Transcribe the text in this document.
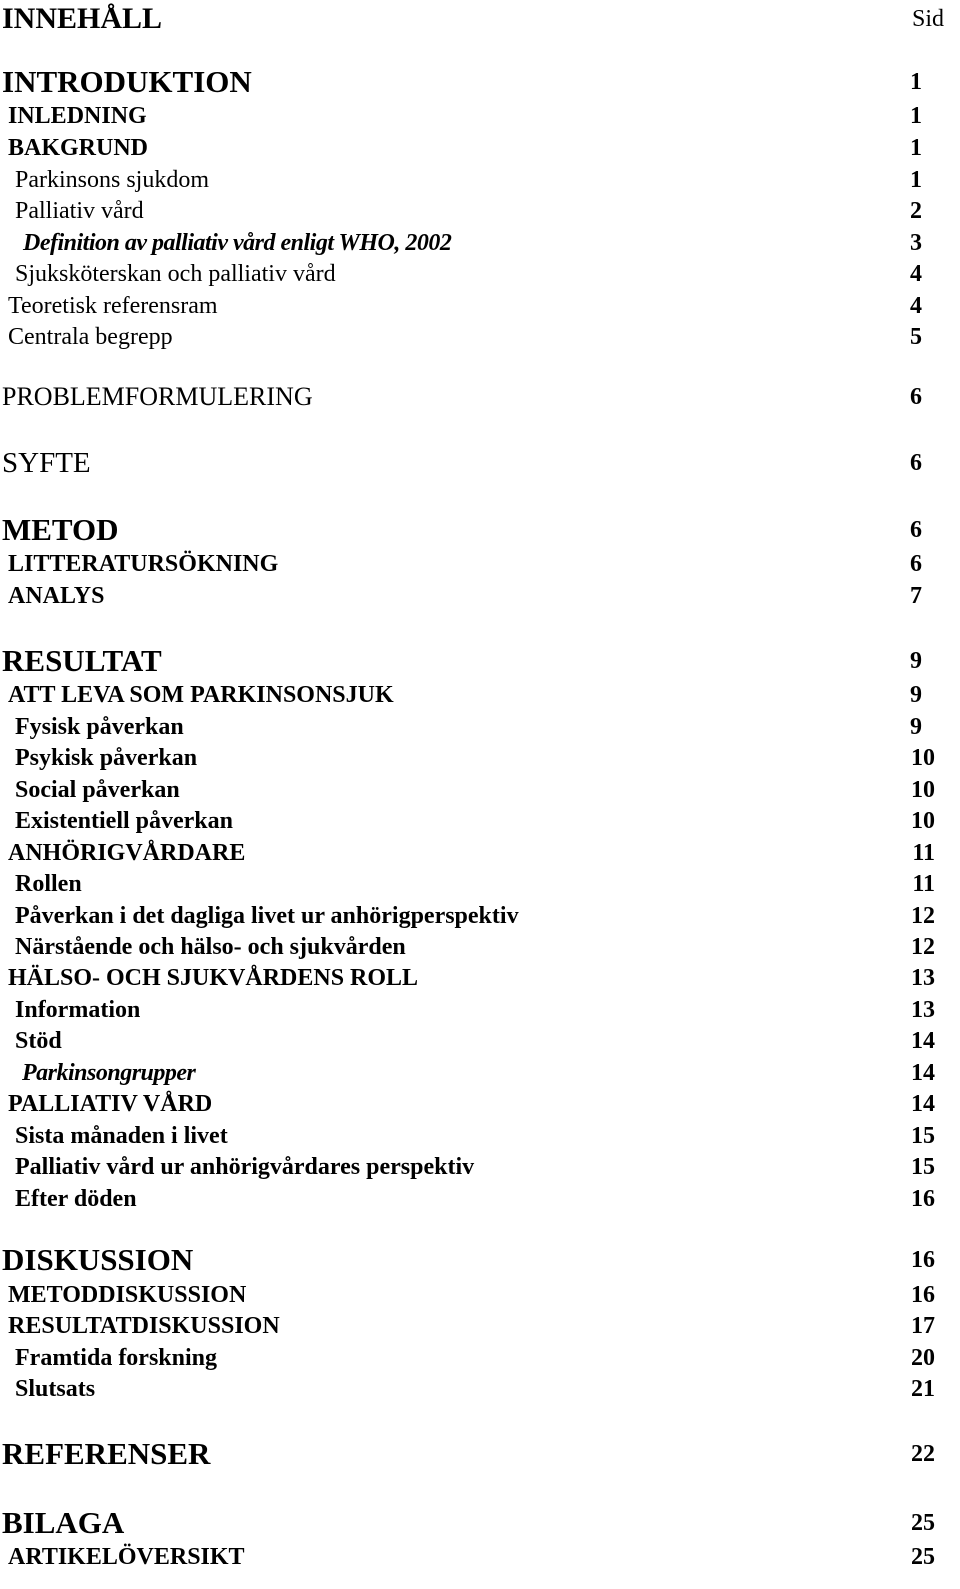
INNEHÅLL	Sid
INTRODUKTION	1
INLEDNING	1
BAKGRUND	1
Parkinsons sjukdom	1
Palliativ vård	2
Definition av palliativ vård enligt WHO, 2002	3
Sjuksköterskan och palliativ vård	4
Teoretisk referensram	4
Centrala begrepp	5
PROBLEMFORMULERING	6
SYFTE	6
METOD	6
LITTERATURSÖKNING	6
ANALYS	7
RESULTAT	9
ATT LEVA SOM PARKINSONSJUK	9
Fysisk påverkan	9
Psykisk påverkan	10
Social påverkan	10
Existentiell påverkan	10
ANHÖRIGVÅRDARE	11
Rollen	11
Påverkan i det dagliga livet ur anhörigperspektiv	12
Närstående och hälso- och sjukvården	12
HÄLSO- OCH SJUKVÅRDENS ROLL	13
Information	13
Stöd	14
Parkinsongrupper	14
PALLIATIV VÅRD	14
Sista månaden i livet	15
Palliativ vård ur anhörigvårdares perspektiv	15
Efter döden	16
DISKUSSION	16
METODDISKUSSION	16
RESULTATDISKUSSION	17
Framtida forskning	20
Slutsats	21
REFERENSER	22
BILAGA	25
ARTIKELÖVERSIKT	25
